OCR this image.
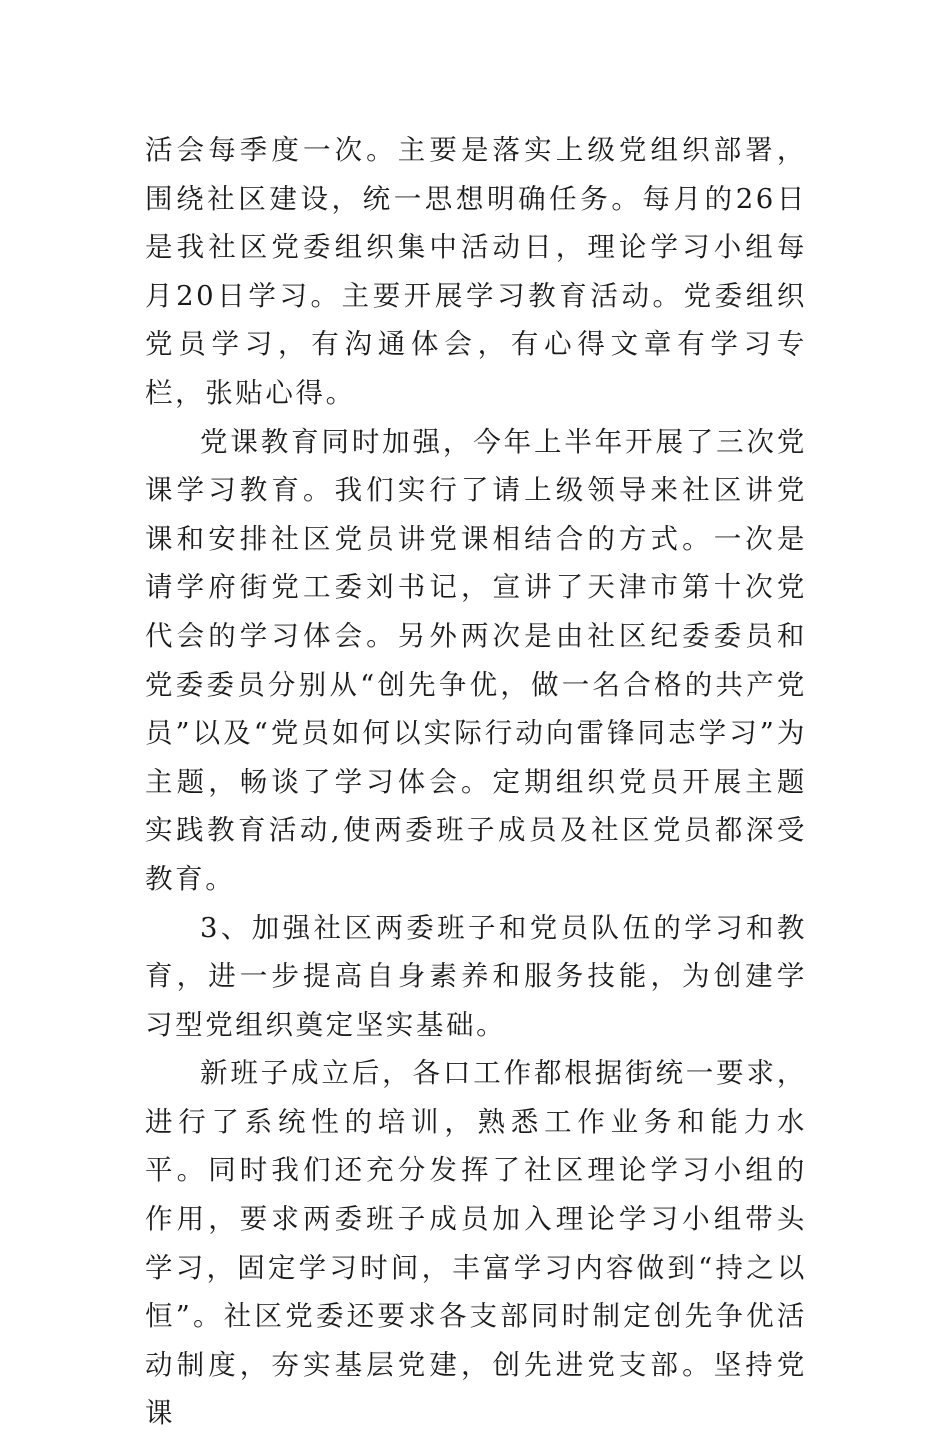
活会每季度一次。主要是落实上级党组织部署，围绕社区建设，统一思想明确任务。每月的26日是我社区党委组织集中活动日，理论学习小组每月20日学习。主要开展学习教育活动。党委组织党员学习，有沟通体会，有心得文章有学习专栏，张贴心得。

党课教育同时加强，今年上半年开展了三次党课学习教育。我们实行了请上级领导来社区讲党课和安排社区党员讲党课相结合的方式。一次是请学府街党工委刘书记，宣讲了天津市第十次党代会的学习体会。另外两次是由社区纪委委员和党委委员分别从“创先争优，做一名合格的共产党员”以及“党员如何以实际行动向雷锋同志学习”为主题，畅谈了学习体会。定期组织党员开展主题实践教育活动,使两委班子成员及社区党员都深受教育。

3、加强社区两委班子和党员队伍的学习和教育，进一步提高自身素养和服务技能，为创建学习型党组织奠定坚实基础。

新班子成立后，各口工作都根据街统一要求，进行了系统性的培训，熟悉工作业务和能力水平。同时我们还充分发挥了社区理论学习小组的作用，要求两委班子成员加入理论学习小组带头学习，固定学习时间，丰富学习内容做到“持之以恒”。社区党委还要求各支部同时制定创先争优活动制度，夯实基层党建，创先进党支部。坚持党课
